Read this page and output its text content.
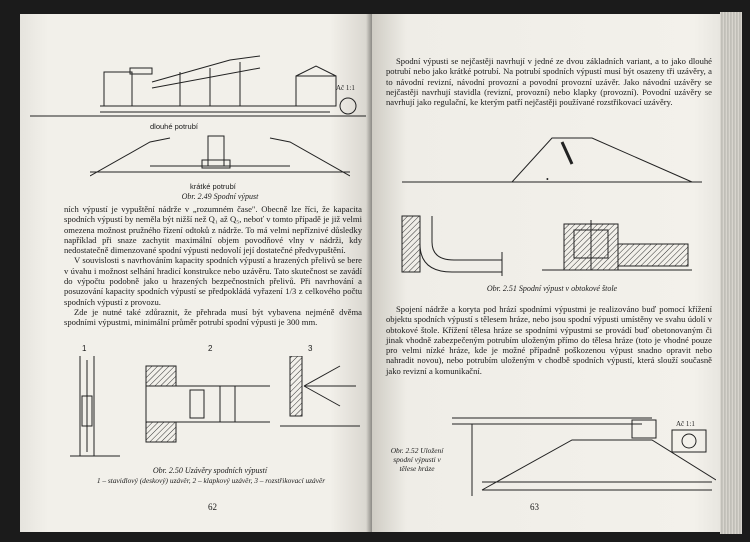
Ač 1:1
dlouhé potrubí
krátké potrubí
Obr. 2.49 Spodní výpust

ních výpustí je vypuštění nádrže v „rozumném čase". Obecně lze říci, že kapacita spodních výpustí by neměla být nižší než Q₁ až Q₅, neboť v tomto případě je již velmi omezena možnost pružného řízení odtoků z nádrže. To má velmi nepříznivé důsledky například při snaze zachytit maximální objem povodňové vlny v nádrži, kdy nedostatečně dimenzované spodní výpusti nedovolí její dostatečné předvypuštění.

V souvislosti s navrhováním kapacity spodních výpustí a hrazených přelivů se bere v úvahu i možnost selhání hradicí konstrukce nebo uzávěru. Tato skutečnost se zavádí do výpočtu podobně jako u hrazených bezpečnostních přelivů. Při navrhování a posuzování kapacity spodních výpustí se předpokládá vyřazení 1/3 z celkového počtu spodních výpustí z provozu.

Zde je nutné také zdůraznit, že přehrada musí být vybavena nejméně dvěma spodními výpustmi, minimální průměr potrubí spodní výpusti je 300 mm.

1	2	3
Obr. 2.50 Uzávěry spodních výpustí
1 – stavidlový (deskový) uzávěr, 2 – klapkový uzávěr, 3 – rozstřikovací uzávěr
62

Spodní výpusti se nejčastěji navrhují v jedné ze dvou základních variant, a to jako dlouhé potrubí nebo jako krátké potrubí. Na potrubí spodních výpustí musí být osazeny tři uzávěry, a to návodní revizní, návodní provozní a povodní provozní uzávěr. Jako návodní uzávěry se nejčastěji navrhují stavidla (revizní, provozní) nebo klapky (provozní). Povodní uzávěry se navrhují jako regulační, ke kterým patří nejčastěji používané rozstřikovací uzávěry.

•
Obr. 2.51 Spodní výpust v obtokové štole

Spojení nádrže a koryta pod hrází spodními výpustmi je realizováno buď pomocí křížení objektu spodních výpustí s tělesem hráze, nebo jsou spodní výpusti umístěny ve svahu údolí v obtokové štole. Křížení tělesa hráze se spodními výpustmi se provádí buď obetonovaným či jinak vhodně zabezpečeným potrubím uloženým přímo do tělesa hráze (toto je vhodné pouze pro velmi nízké hráze, kde je možné případně poškozenou výpust snadno opravit nebo nahradit novou), nebo potrubím uloženým v chodbě spodních výpustí, která slouží současně jako revizní a komunikační.

Ač 1:1
Obr. 2.52 Uložení spodní výpusti v tělese hráze
63
